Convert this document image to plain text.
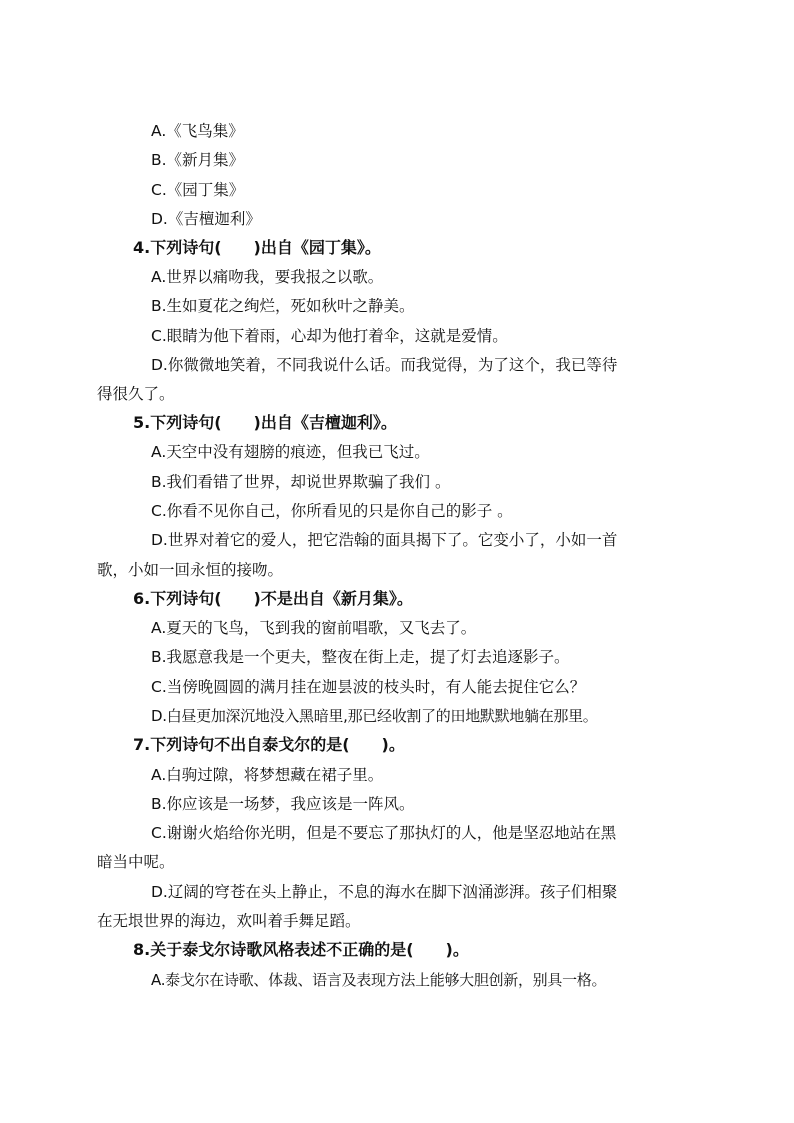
A.《飞鸟集》
B.《新月集》
C.《园丁集》
D.《吉檀迦利》
4.下列诗句(　　)出自《园丁集》。
A.世界以痛吻我，要我报之以歌。
B.生如夏花之绚烂，死如秋叶之静美。
C.眼睛为他下着雨，心却为他打着伞，这就是爱情。
D.你微微地笑着，不同我说什么话。而我觉得，为了这个，我已等待
得很久了。
5.下列诗句(　　)出自《吉檀迦利》。
A.天空中没有翅膀的痕迹，但我已飞过。
B.我们看错了世界，却说世界欺骗了我们 。
C.你看不见你自己，你所看见的只是你自己的影子 。
D.世界对着它的爱人，把它浩翰的面具揭下了。它变小了，小如一首
歌，小如一回永恒的接吻。
6.下列诗句(　　)不是出自《新月集》。
A.夏天的飞鸟，飞到我的窗前唱歌，又飞去了。
B.我愿意我是一个更夫，整夜在街上走，提了灯去追逐影子。
C.当傍晚圆圆的满月挂在迦昙波的枝头时，有人能去捉住它么？
D.白昼更加深沉地没入黑暗里,那已经收割了的田地默默地躺在那里。
7.下列诗句不出自泰戈尔的是(　　)。
A.白驹过隙，将梦想藏在裙子里。
B.你应该是一场梦，我应该是一阵风。
C.谢谢火焰给你光明，但是不要忘了那执灯的人，他是坚忍地站在黑
暗当中呢。
D.辽阔的穹苍在头上静止，不息的海水在脚下汹涌澎湃。孩子们相聚
在无垠世界的海边，欢叫着手舞足蹈。
8.关于泰戈尔诗歌风格表述不正确的是(　　)。
A.泰戈尔在诗歌、体裁、语言及表现方法上能够大胆创新，别具一格。
